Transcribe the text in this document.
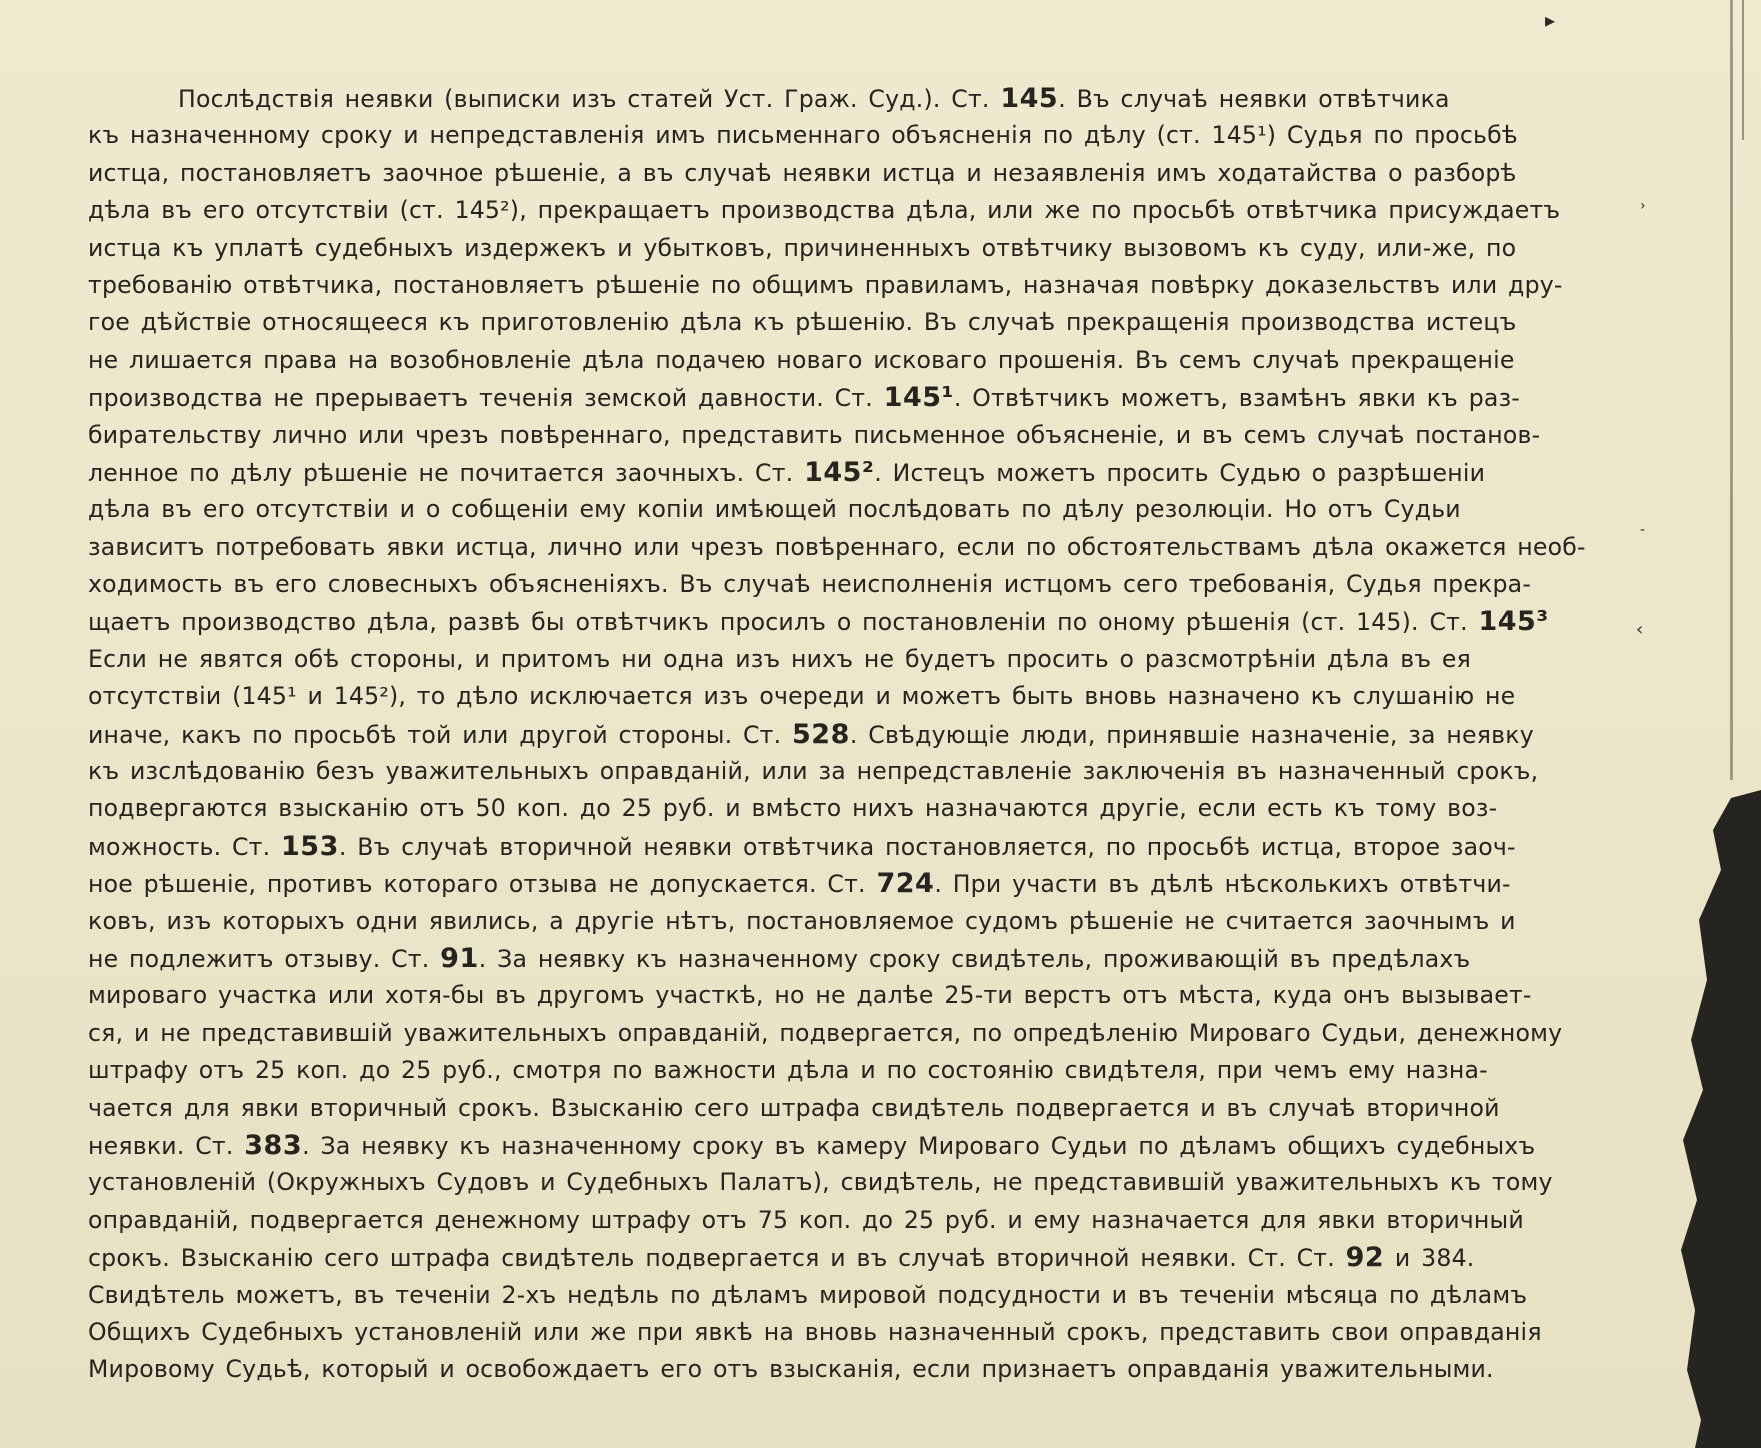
▸
›
‐
‹
Послѣдствія неявки (выписки изъ статей Уст. Граж. Суд.). Ст. 145. Въ случаѣ неявки отвѣтчика
къ назначенному сроку и непредставленія имъ письменнаго объясненія по дѣлу (ст. 145¹) Судья по просьбѣ
истца, постановляетъ заочное рѣшеніе, а въ случаѣ неявки истца и незаявленія имъ ходатайства о разборѣ
дѣла въ его отсутствіи (ст. 145²), прекращаетъ производства дѣла, или же по просьбѣ отвѣтчика присуждаетъ
истца къ уплатѣ судебныхъ издержекъ и убытковъ, причиненныхъ отвѣтчику вызовомъ къ суду, или-же, по
требованію отвѣтчика, постановляетъ рѣшеніе по общимъ правиламъ, назначая повѣрку доказельствъ или дру-
гое дѣйствіе относящееся къ приготовленію дѣла къ рѣшенію. Въ случаѣ прекращенія производства истецъ
не лишается права на возобновленіе дѣла подачею новаго исковаго прошенія. Въ семъ случаѣ прекращеніе
производства не прерываетъ теченія земской давности. Ст. 145¹. Отвѣтчикъ можетъ, взамѣнъ явки къ раз-
бирательству лично или чрезъ повѣреннаго, представить письменное объясненіе, и въ семъ случаѣ постанов-
ленное по дѣлу рѣшеніе не почитается заочныхъ. Ст. 145². Истецъ можетъ просить Судью о разрѣшеніи
дѣла въ его отсутствіи и о собщеніи ему копіи имѣющей послѣдовать по дѣлу резолюціи. Но отъ Судьи
зависитъ потребовать явки истца, лично или чрезъ повѣреннаго, если по обстоятельствамъ дѣла окажется необ-
ходимость въ его словесныхъ объясненіяхъ. Въ случаѣ неисполненія истцомъ сего требованія, Судья прекра-
щаетъ производство дѣла, развѣ бы отвѣтчикъ просилъ о постановленіи по оному рѣшенія (ст. 145). Ст. 145³
Если не явятся обѣ стороны, и притомъ ни одна изъ нихъ не будетъ просить о разсмотрѣніи дѣла въ ея
отсутствіи (145¹ и 145²), то дѣло исключается изъ очереди и можетъ быть вновь назначено къ слушанію не
иначе, какъ по просьбѣ той или другой стороны. Ст. 528. Свѣдующіе люди, принявшіе назначеніе, за неявку
къ изслѣдованію безъ уважительныхъ оправданій, или за непредставленіе заключенія въ назначенный срокъ,
подвергаются взысканію отъ 50 коп. до 25 руб. и вмѣсто нихъ назначаются другіе, если есть къ тому воз-
можность. Ст. 153. Въ случаѣ вторичной неявки отвѣтчика постановляется, по просьбѣ истца, второе заоч-
ное рѣшеніе, противъ котораго отзыва не допускается. Ст. 724. При участи въ дѣлѣ нѣсколькихъ отвѣтчи-
ковъ, изъ которыхъ одни явились, а другіе нѣтъ, постановляемое судомъ рѣшеніе не считается заочнымъ и
не подлежитъ отзыву. Ст. 91. За неявку къ назначенному сроку свидѣтель, проживающій въ предѣлахъ
мироваго участка или хотя-бы въ другомъ участкѣ, но не далѣе 25-ти верстъ отъ мѣста, куда онъ вызывает-
ся, и не представившій уважительныхъ оправданій, подвергается, по опредѣленію Мироваго Судьи, денежному
штрафу отъ 25 коп. до 25 руб., смотря по важности дѣла и по состоянію свидѣтеля, при чемъ ему назна-
чается для явки вторичный срокъ. Взысканію сего штрафа свидѣтель подвергается и въ случаѣ вторичной
неявки. Ст. 383. За неявку къ назначенному сроку въ камеру Мироваго Судьи по дѣламъ общихъ судебныхъ
установленій (Окружныхъ Судовъ и Судебныхъ Палатъ), свидѣтель, не представившій уважительныхъ къ тому
оправданій, подвергается денежному штрафу отъ 75 коп. до 25 руб. и ему назначается для явки вторичный
срокъ. Взысканію сего штрафа свидѣтель подвергается и въ случаѣ вторичной неявки. Ст. Ст. 92 и 384.
Свидѣтель можетъ, въ теченіи 2-хъ недѣль по дѣламъ мировой подсудности и въ теченіи мѣсяца по дѣламъ
Общихъ Судебныхъ установленій или же при явкѣ на вновь назначенный срокъ, представить свои оправданія
Мировому Судьѣ, который и освобождаетъ его отъ взысканія, если признаетъ оправданія уважительными.
